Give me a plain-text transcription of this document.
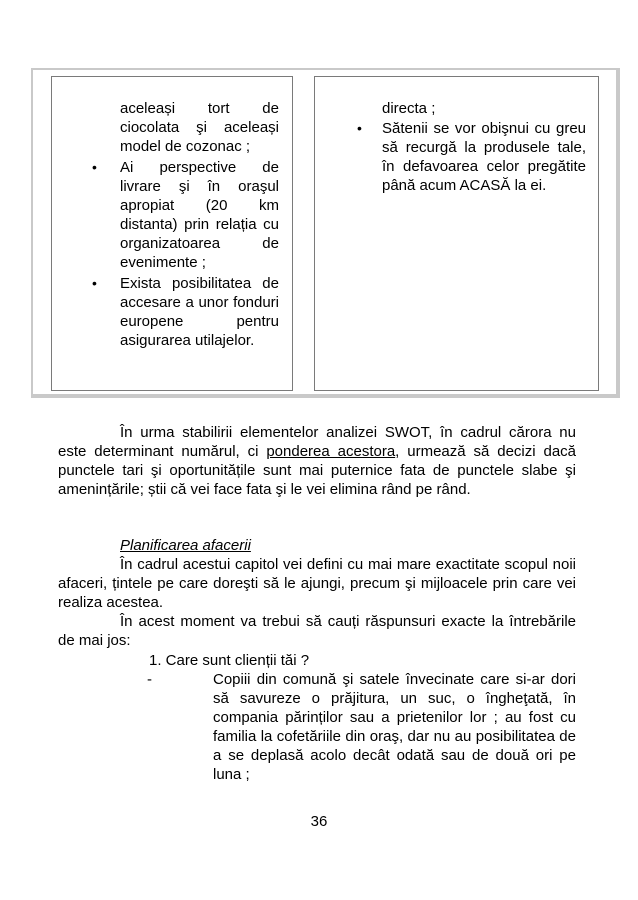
aceleași tort de ciocolata şi aceleași model de cozonac ;
• Ai perspective de livrare şi în oraşul apropiat (20 km distanta) prin relația cu organizatoarea de evenimente ;
• Exista posibilitatea de accesare a unor fonduri europene pentru asigurarea utilajelor.
directa ;
• Sătenii se vor obişnui cu greu să recurgă la produsele tale, în defavoarea celor pregătite până acum ACASĂ la ei.

În urma stabilirii elementelor analizei SWOT, în cadrul cărora nu este determinant numărul, ci ponderea acestora, urmează să decizi dacă punctele tari şi oportunitățile sunt mai puternice fata de punctele slabe şi amenințările; știi că vei face fata şi le vei elimina rând pe rând.

Planificarea afacerii

În cadrul acestui capitol vei defini cu mai mare exactitate scopul noii afaceri, țintele pe care doreşti să le ajungi, precum şi mijloacele prin care vei realiza acestea.

În acest moment va trebui să cauți răspunsuri exacte la întrebările de mai jos:

1. Care sunt clienții tăi ?
-	Copiii din comună şi satele învecinate care si-ar dori să savureze o prăjitura, un suc, o îngheţată, în compania părinților sau a prietenilor lor ; au fost cu familia la cofetăriile din oraş, dar nu au posibilitatea de a se deplasă acolo decât odată sau de două ori pe luna ;
36
